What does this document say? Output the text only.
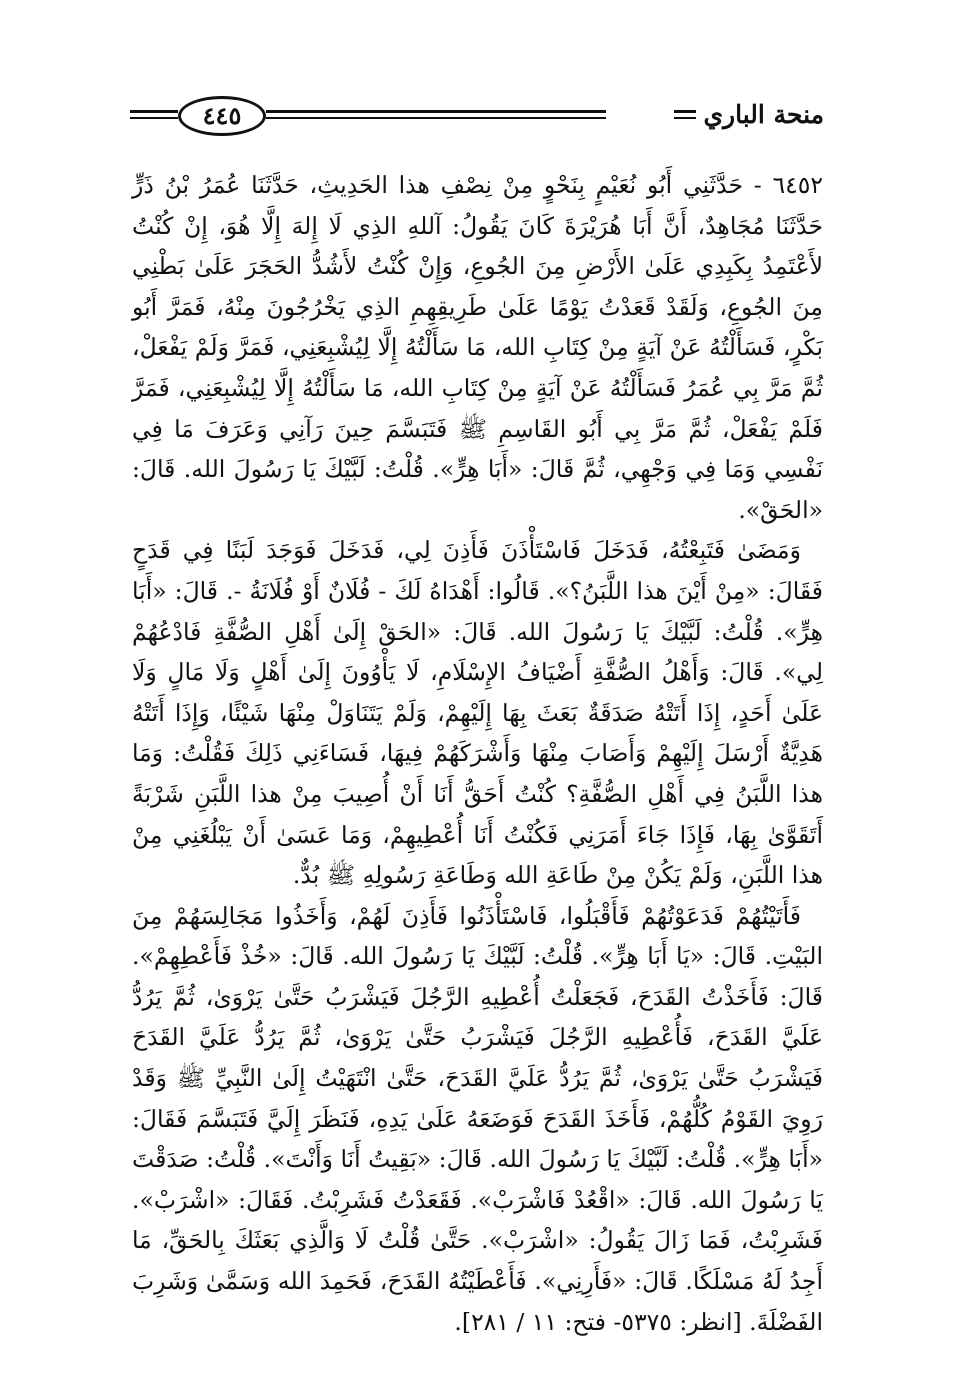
منحة الباري
٤٤٥

٦٤٥٢ - حَدَّثَنِي أَبُو نُعَيْمٍ بِنَحْوٍ مِنْ نِصْفِ هذا الحَدِيثِ، حَدَّثَنَا عُمَرُ بْنُ ذَرٍّ حَدَّثَنَا مُجَاهِدٌ، أَنَّ أَبَا هُرَيْرَةَ كَانَ يَقُولُ: آللهِ الذِي لَا إِلهَ إِلَّا هُوَ، إِنْ كُنْتُ لأَعْتَمِدُ بِكَبِدِي عَلَىٰ الأَرْضِ مِنَ الجُوعِ، وَإِنْ كُنْتُ لأَشُدُّ الحَجَرَ عَلَىٰ بَطْنِي مِنَ الجُوعِ، وَلَقَدْ قَعَدْتُ يَوْمًا عَلَىٰ طَرِيقِهِمِ الذِي يَخْرُجُونَ مِنْهُ، فَمَرَّ أَبُو بَكْرٍ، فَسَأَلْتُهُ عَنْ آيَةٍ مِنْ كِتَابِ الله، مَا سَأَلْتُهُ إِلَّا لِيُشْبِعَنِي، فَمَرَّ وَلَمْ يَفْعَلْ، ثُمَّ مَرَّ بِي عُمَرُ فَسَأَلْتُهُ عَنْ آيَةٍ مِنْ كِتَابِ الله، مَا سَأَلْتُهُ إِلَّا لِيُشْبِعَنِي، فَمَرَّ فَلَمْ يَفْعَلْ، ثُمَّ مَرَّ بِي أَبُو القَاسِمِ ﷺ فَتَبَسَّمَ حِينَ رَآنِي وَعَرَفَ مَا فِي نَفْسِي وَمَا فِي وَجْهِي، ثُمَّ قَالَ: «أَبَا هِرٍّ». قُلْتُ: لَبَّيْكَ يَا رَسُولَ الله. قَالَ: «الحَقْ».

وَمَضَىٰ فَتَبِعْتُهُ، فَدَخَلَ فَاسْتَأْذَنَ فَأَذِنَ لِي، فَدَخَلَ فَوَجَدَ لَبَنًا فِي قَدَحٍ فَقَالَ: «مِنْ أَيْنَ هذا اللَّبَنُ؟». قَالُوا: أَهْدَاهُ لَكَ - فُلَانٌ أَوْ فُلَانَةُ -. قَالَ: «أَبَا هِرٍّ». قُلْتُ: لَبَّيْكَ يَا رَسُولَ الله. قَالَ: «الحَقْ إِلَىٰ أَهْلِ الصُّفَّةِ فَادْعُهُمْ لِي». قَالَ: وَأَهْلُ الصُّفَّةِ أَضْيَافُ الإِسْلَامِ، لَا يَأْوُونَ إِلَىٰ أَهْلٍ وَلَا مَالٍ وَلَا عَلَىٰ أَحَدٍ، إِذَا أَتَتْهُ صَدَقَةٌ بَعَثَ بِهَا إِلَيْهِمْ، وَلَمْ يَتَنَاوَلْ مِنْهَا شَيْئًا، وَإِذَا أَتَتْهُ هَدِيَّةٌ أَرْسَلَ إِلَيْهِمْ وَأَصَابَ مِنْهَا وَأَشْرَكَهُمْ فِيهَا، فَسَاءَنِي ذَلِكَ فَقُلْتُ: وَمَا هذا اللَّبَنُ فِي أَهْلِ الصُّفَّةِ؟ كُنْتُ أَحَقُّ أَنَا أَنْ أُصِيبَ مِنْ هذا اللَّبَنِ شَرْبَةً أَتَقَوَّىٰ بِهَا، فَإِذَا جَاءَ أَمَرَنِي فَكُنْتُ أَنَا أُعْطِيهِمْ، وَمَا عَسَىٰ أَنْ يَبْلُغَنِي مِنْ هذا اللَّبَنِ، وَلَمْ يَكُنْ مِنْ طَاعَةِ الله وَطَاعَةِ رَسُولِهِ ﷺ بُدٌّ.

فَأَتَيْتُهُمْ فَدَعَوْتُهُمْ فَأَقْبَلُوا، فَاسْتَأْذَنُوا فَأَذِنَ لَهُمْ، وَأَخَذُوا مَجَالِسَهُمْ مِنَ البَيْتِ. قَالَ: «يَا أَبَا هِرٍّ». قُلْتُ: لَبَّيْكَ يَا رَسُولَ الله. قَالَ: «خُذْ فَأَعْطِهِمْ». قَالَ: فَأَخَذْتُ القَدَحَ، فَجَعَلْتُ أُعْطِيهِ الرَّجُلَ فَيَشْرَبُ حَتَّىٰ يَرْوَىٰ، ثُمَّ يَرُدُّ عَلَيَّ القَدَحَ، فَأُعْطِيهِ الرَّجُلَ فَيَشْرَبُ حَتَّىٰ يَرْوَىٰ، ثُمَّ يَرُدُّ عَلَيَّ القَدَحَ فَيَشْرَبُ حَتَّىٰ يَرْوَىٰ، ثُمَّ يَرُدُّ عَلَيَّ القَدَحَ، حَتَّىٰ انْتَهَيْتُ إِلَىٰ النَّبِيِّ ﷺ وَقَدْ رَوِيَ القَوْمُ كُلُّهُمْ، فَأَخَذَ القَدَحَ فَوَضَعَهُ عَلَىٰ يَدِهِ، فَنَظَرَ إِلَيَّ فَتَبَسَّمَ فَقَالَ: «أَبَا هِرٍّ». قُلْتُ: لَبَّيْكَ يَا رَسُولَ الله. قَالَ: «بَقِيتُ أَنَا وَأَنْتَ». قُلْتُ: صَدَقْتَ يَا رَسُولَ الله. قَالَ: «اقْعُدْ فَاشْرَبْ». فَقَعَدْتُ فَشَرِبْتُ. فَقَالَ: «اشْرَبْ». فَشَرِبْتُ، فَمَا زَالَ يَقُولُ: «اشْرَبْ». حَتَّىٰ قُلْتُ لَا وَالَّذِي بَعَثَكَ بِالحَقِّ، مَا أَجِدُ لَهُ مَسْلَكًا. قَالَ: «فَأَرِنِي». فَأَعْطَيْتُهُ القَدَحَ، فَحَمِدَ الله وَسَمَّىٰ وَشَرِبَ الفَضْلَةَ. [انظر: ٥٣٧٥- فتح: ١١ / ٢٨١].
